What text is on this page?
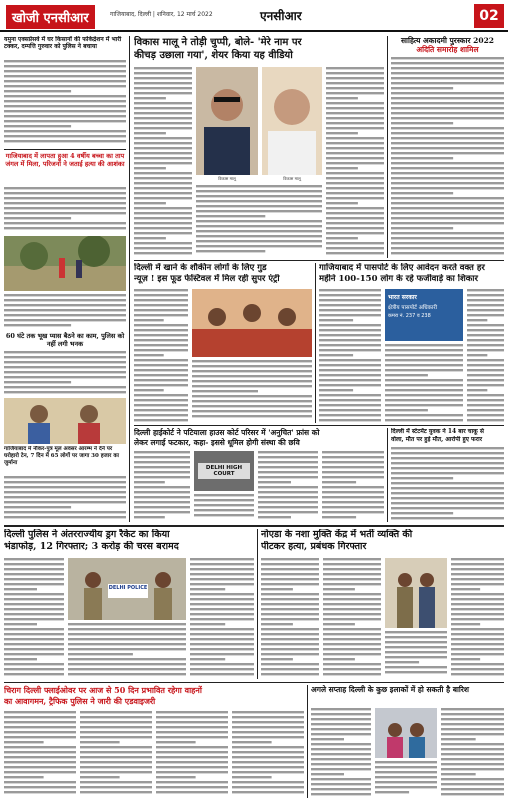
खोजी एनसीआर	गाजियाबाद, दिल्ली | शनिवार, 12 मार्च 2022	एनसीआर	02
यमुना एक्सप्रेसवे में घर किसानों की फोकेद्रेशन में भारी टक्कर, दम्पत्ति गुरुवार को पुलिस ने बचाया
गाजियाबाद में लापता हुआ 4 वर्षीय बच्चा का ताप जंगल में मिला, परिजनों ने जताई हत्या की आशंका
60 घंटे तक भूख प्यास बैठने का काम, पुलिस को नहीं लगी भनक
गाजियाबाद में नौकर-पुत्र मूल अवसर आरम्भ ने देने पर घरोहारो टेन, 7 दिन में 65 लोगों पर जागा 30 हजार का जुर्माना
विकास मालू ने तोड़ी चुप्पी, बोले- 'मेरे नाम पर
कीचड़ उछाला गया', शेयर किया यह वीडियो
विकास मालू	विकास मालू
साहित्य अकादमी पुरस्कार 2022
अदिति समारोह शामिल
दिल्ली में खाने के शौकीन लोगों के लिए गुड
न्यूज़ ! इस फूड फेस्टिवल में मिल रही सुपर एंट्री
गाजियाबाद में पासपोर्ट के लिए आवेदन करते वक्त हर
महीने 100-150 लोग के रहे फर्जीवाड़े का शिकार
भारत सरकार
क्षेत्रीय पासपोर्ट अधिकारी
कमरा नं. 237 व 238
दिल्ली हाईकोर्ट ने पटियाला हाउस कोर्ट परिसर में 'अनुचित' फ्रांस को
लेकर लगाई फटकार, कहा- इससे धूमिल होगी संस्था की छवि
DELHI HIGH COURT
दिल्ली में स्टेटमेंट युवक ने 14 बार चाकू से
वोला, मौत पर हुई मौत, आरोपी हुए फरार
दिल्ली पुलिस ने अंतरराज्यीय ड्रग रैकेट का किया
भंडाफोड़, 12 गिरफ्तार; 3 करोड़ की चरस बरामद
DELHI POLICE
नोएडा के नशा मुक्ति केंद्र में भर्ती व्यक्ति की
पीटकर हत्या, प्रबंधक गिरफ्तार
चिराग दिल्ली फ्लाईओवर पर आज से 50 दिन प्रभावित रहेगा वाहनों
का आवागमन, ट्रैफिक पुलिस ने जारी की एडवाइजरी
अगले सप्ताह दिल्ली के कुछ इलाकों में हो सकती है बारिश
